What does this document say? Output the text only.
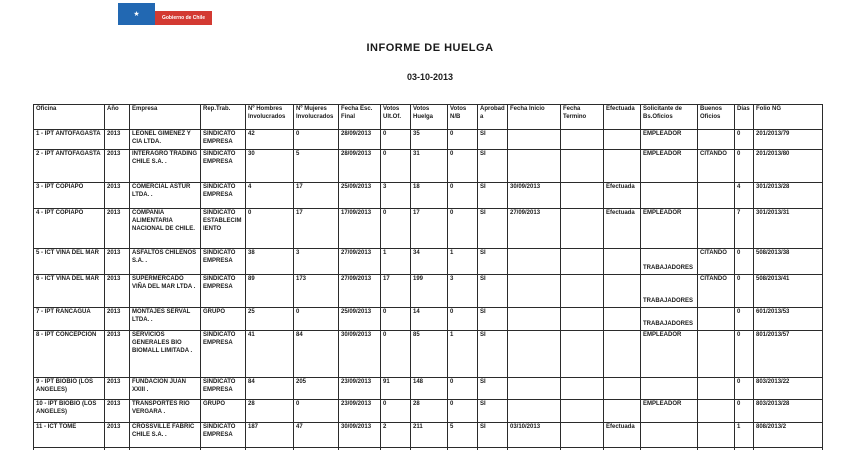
★
Gobierno de Chile
INFORME DE HUELGA
03-10-2013
Oficina	Año	Empresa	Rep.Trab.	Nº Hombres Involucrados	Nº Mujeres Involucrados	Fecha Esc. Final	Votos Ult.Of.	Votos Huelga	Votos N/B	Aprobada	Fecha Inicio	Fecha Termino	Efectuada	Solicitante de Bs.Oficios	Buenos Oficios	Días	Folio NG
1 - IPT ANTOFAGASTA	2013	LEONEL GIMENEZ Y CIA LTDA.	SINDICATO EMPRESA	42	0	28/09/2013	0	35	0	SI				EMPLEADOR		0	201/2013/79
2 - IPT ANTOFAGASTA	2013	INTERAGRO TRADING CHILE S.A. .	SINDICATO EMPRESA	30	5	28/09/2013	0	31	0	SI				EMPLEADOR	CITANDO	0	201/2013/80
3 - IPT COPIAPO	2013	COMERCIAL ASTUR LTDA. .	SINDICATO EMPRESA	4	17	25/09/2013	3	18	0	SI	30/09/2013		Efectuada			4	301/2013/28
4 - IPT COPIAPO	2013	COMPAÑIA ALIMENTARIA NACIONAL DE CHILE.	SINDICATO ESTABLECIMIENTO	0	17	17/09/2013	0	17	0	SI	27/09/2013		Efectuada	EMPLEADOR		7	301/2013/31
5 - ICT VIÑA DEL MAR	2013	ASFALTOS CHILENOS S.A. .	SINDICATO EMPRESA	38	3	27/09/2013	1	34	1	SI				TRABAJADORES	CITANDO	0	508/2013/38
6 - ICT VIÑA DEL MAR	2013	SUPERMERCADO VIÑA DEL MAR LTDA .	SINDICATO EMPRESA	89	173	27/09/2013	17	199	3	SI				TRABAJADORES	CITANDO	0	508/2013/41
7 - IPT RANCAGUA	2013	MONTAJES SERVAL LTDA. .	GRUPO	25	0	25/09/2013	0	14	0	SI				TRABAJADORES		0	601/2013/53
8 - IPT CONCEPCION	2013	SERVICIOS GENERALES BIO BIOMALL LIMITADA .	SINDICATO EMPRESA	41	84	30/09/2013	0	85	1	SI				EMPLEADOR		0	801/2013/57
9 - IPT BIOBIO (LOS ANGELES)	2013	FUNDACION JUAN XXIII .	SINDICATO EMPRESA	84	205	23/09/2013	91	148	0	SI						0	803/2013/22
10 - IPT BIOBIO (LOS ANGELES)	2013	TRANSPORTES RIO VERGARA .	GRUPO	28	0	23/09/2013	0	28	0	SI				EMPLEADOR		0	803/2013/28
11 - ICT TOME	2013	CROSSVILLE FABRIC CHILE S.A. .	SINDICATO EMPRESA	187	47	30/09/2013	2	211	5	SI	03/10/2013		Efectuada			1	808/2013/2
